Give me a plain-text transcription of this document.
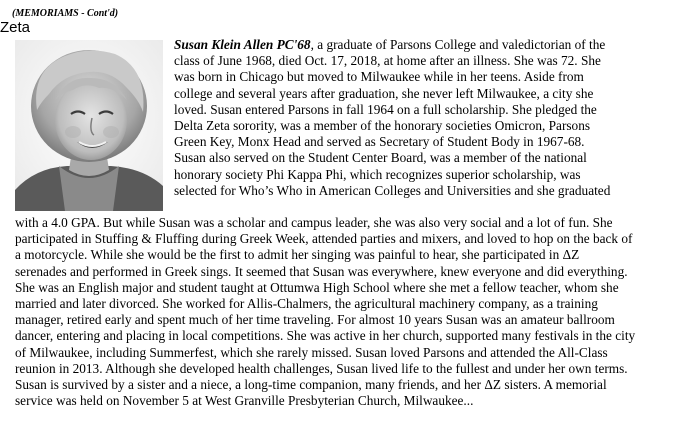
(MEMORIAMS - Cont'd)
Zeta
Susan Klein Allen PC'68, a graduate of Parsons College and valedictorian of the
class of June 1968, died Oct. 17, 2018, at home after an illness. She was 72. She
was born in Chicago but moved to Milwaukee while in her teens. Aside from
college and several years after graduation, she never left Milwaukee, a city she
loved. Susan entered Parsons in fall 1964 on a full scholarship. She pledged the
Delta Zeta sorority, was a member of the honorary societies Omicron, Parsons
Green Key, Monx Head and served as Secretary of Student Body in 1967-68.
Susan also served on the Student Center Board, was a member of the national
honorary society Phi Kappa Phi, which recognizes superior scholarship, was
selected for Who’s Who in American Colleges and Universities and she graduated
with a 4.0 GPA. But while Susan was a scholar and campus leader, she was also very social and a lot of fun. She
participated in Stuffing & Fluffing during Greek Week, attended parties and mixers, and loved to hop on the back of
a motorcycle. While she would be the first to admit her singing was painful to hear, she participated in ΔZ
serenades and performed in Greek sings. It seemed that Susan was everywhere, knew everyone and did everything.
She was an English major and student taught at Ottumwa High School where she met a fellow teacher, whom she
married and later divorced. She worked for Allis-Chalmers, the agricultural machinery company, as a training
manager, retired early and spent much of her time traveling. For almost 10 years Susan was an amateur ballroom
dancer, entering and placing in local competitions. She was active in her church, supported many festivals in the city
of Milwaukee, including Summerfest, which she rarely missed. Susan loved Parsons and attended the All-Class
reunion in 2013. Although she developed health challenges, Susan lived life to the fullest and under her own terms.
Susan is survived by a sister and a niece, a long-time companion, many friends, and her ΔZ sisters. A memorial
service was held on November 5 at West Granville Presbyterian Church, Milwaukee...
